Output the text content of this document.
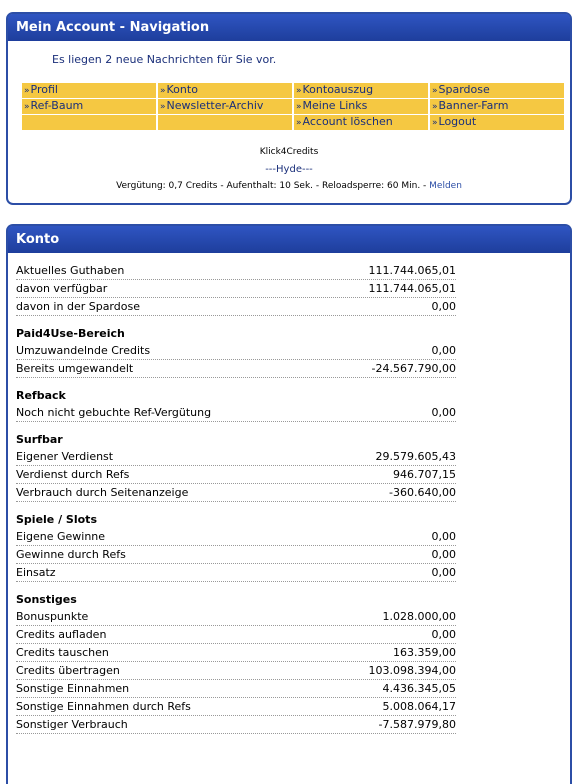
Mein Account - Navigation
Es liegen 2 neue Nachrichten für Sie vor.
»Profil	»Konto	»Kontoauszug	»Spardose
»Ref-Baum	»Newsletter-Archiv	»Meine Links	»Banner-Farm
		»Account löschen	»Logout
Klick4Credits
---Hyde---
Vergütung: 0,7 Credits - Aufenthalt: 10 Sek. - Reloadsperre: 60 Min. - Melden
Konto
Aktuelles Guthaben	111.744.065,01
davon verfügbar	111.744.065,01
davon in der Spardose	0,00
Paid4Use-Bereich
Umzuwandelnde Credits	0,00
Bereits umgewandelt	-24.567.790,00
Refback
Noch nicht gebuchte Ref-Vergütung	0,00
Surfbar
Eigener Verdienst	29.579.605,43
Verdienst durch Refs	946.707,15
Verbrauch durch Seitenanzeige	-360.640,00
Spiele / Slots
Eigene Gewinne	0,00
Gewinne durch Refs	0,00
Einsatz	0,00
Sonstiges
Bonuspunkte	1.028.000,00
Credits aufladen	0,00
Credits tauschen	163.359,00
Credits übertragen	103.098.394,00
Sonstige Einnahmen	4.436.345,05
Sonstige Einnahmen durch Refs	5.008.064,17
Sonstiger Verbrauch	-7.587.979,80
